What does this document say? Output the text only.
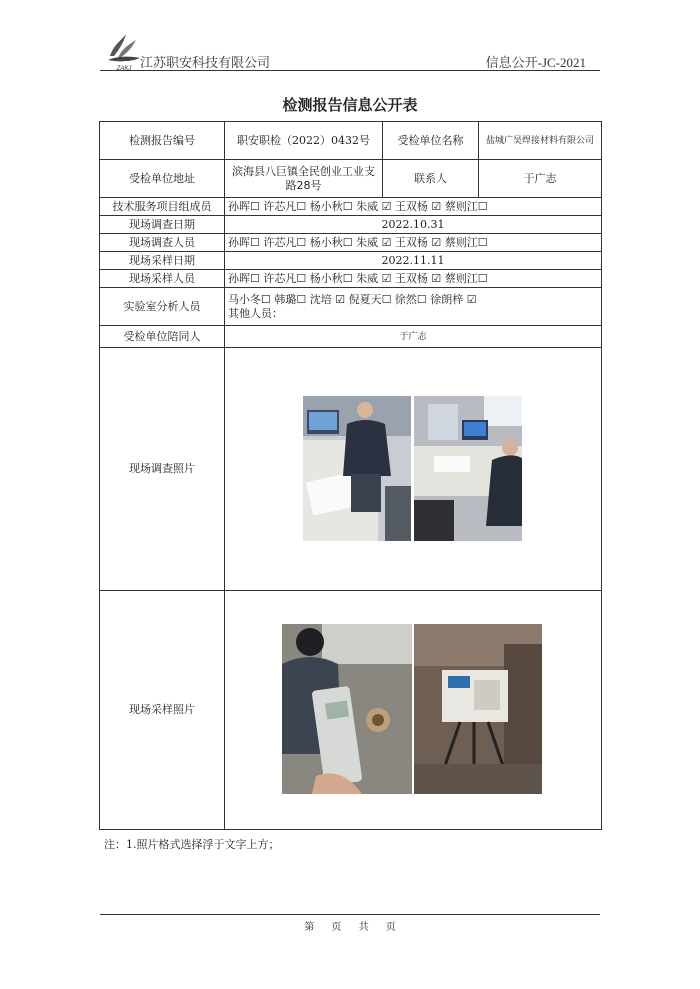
ZAKJ 江苏职安科技有限公司	信息公开-JC-2021
检测报告信息公开表
检测报告编号	职安职检（2022）0432号	受检单位名称	盐城广昊焊接材料有限公司
受检单位地址	滨海县八巨镇全民创业工业支路28号	联系人	于广志
技术服务项目组成员	孙晖☐ 许芯凡☐ 杨小秋☐ 朱威 ☑ 王双杨 ☑ 蔡则江☐		
现场调查日期	2022.10.31		
现场调查人员	孙晖☐ 许芯凡☐ 杨小秋☐ 朱威 ☑ 王双杨 ☑ 蔡则江☐		
现场采样日期	2022.11.11		
现场采样人员	孙晖☐ 许芯凡☐ 杨小秋☐ 朱威 ☑ 王双杨 ☑ 蔡则江☐		
实验室分析人员	马小冬☐ 韩璐☐ 沈培 ☑ 倪夏天☐ 徐然☐ 徐朗梓 ☑
其他人员：		

受检单位陪同人	于广志		
现场调查照片	

现场采样照片	
注：1.照片格式选择浮于文字上方；
第 页 共 页
